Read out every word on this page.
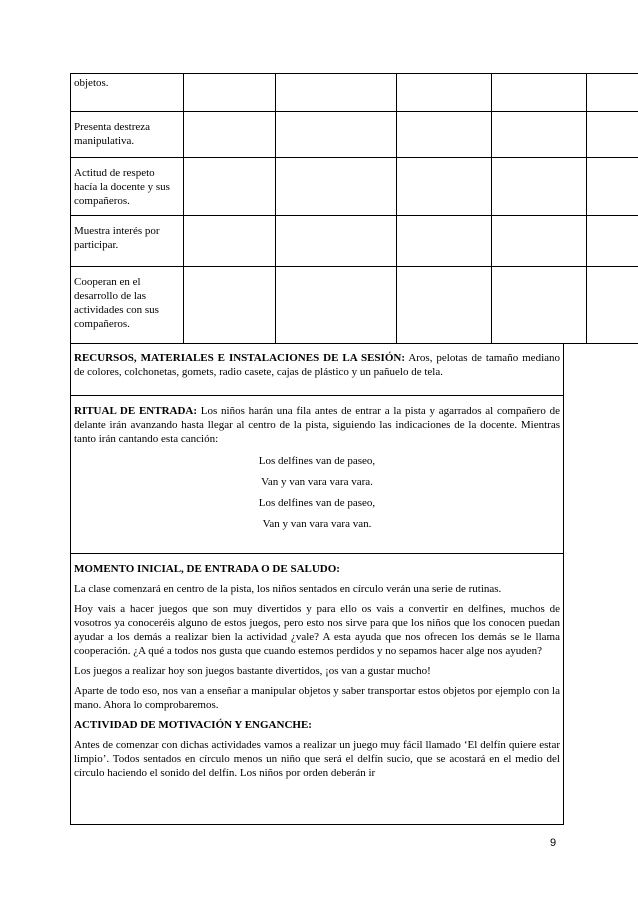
objetos.					
Presenta destreza manipulativa.					
Actitud de respeto hacía la docente y sus compañeros.					
Muestra interés por participar.					
Cooperan en el desarrollo de las actividades con sus compañeros.					
RECURSOS, MATERIALES E INSTALACIONES DE LA SESIÓN: Aros, pelotas de tamaño mediano de colores, colchonetas, gomets, radio casete, cajas de plástico y un pañuelo de tela.
RITUAL DE ENTRADA: Los niños harán una fila antes de entrar a la pista y agarrados al compañero de delante irán avanzando hasta llegar al centro de la pista, siguiendo las indicaciones de la docente. Mientras tanto irán cantando esta canción:
Los delfines van de paseo,
Van y van vara vara vara.
Los delfines van de paseo,
Van y van vara vara van.

MOMENTO INICIAL, DE ENTRADA O DE SALUDO:

La clase comenzará en centro de la pista, los niños sentados en círculo verán una serie de rutinas.

Hoy vais a hacer juegos que son muy divertidos y para ello os vais a convertir en delfines, muchos de vosotros ya conoceréis alguno de estos juegos, pero esto nos sirve para que los niños que los conocen puedan ayudar a los demás a realizar bien la actividad ¿vale? A esta ayuda que nos ofrecen los demás se le llama cooperación. ¿A qué a todos nos gusta que cuando estemos perdidos y no sepamos hacer alge nos ayuden?

Los juegos a realizar hoy son juegos bastante divertidos, ¡os van a gustar mucho!

Aparte de todo eso, nos van a enseñar a manipular objetos y saber transportar estos objetos por ejemplo con la mano. Ahora lo comprobaremos.

ACTIVIDAD DE MOTIVACIÓN Y ENGANCHE:

Antes de comenzar con dichas actividades vamos a realizar un juego muy fácil llamado ‘El delfín quiere estar limpio’. Todos sentados en círculo menos un niño que será el delfín sucio, que se acostará en el medio del círculo haciendo el sonido del delfín. Los niños por orden deberán ir

9
